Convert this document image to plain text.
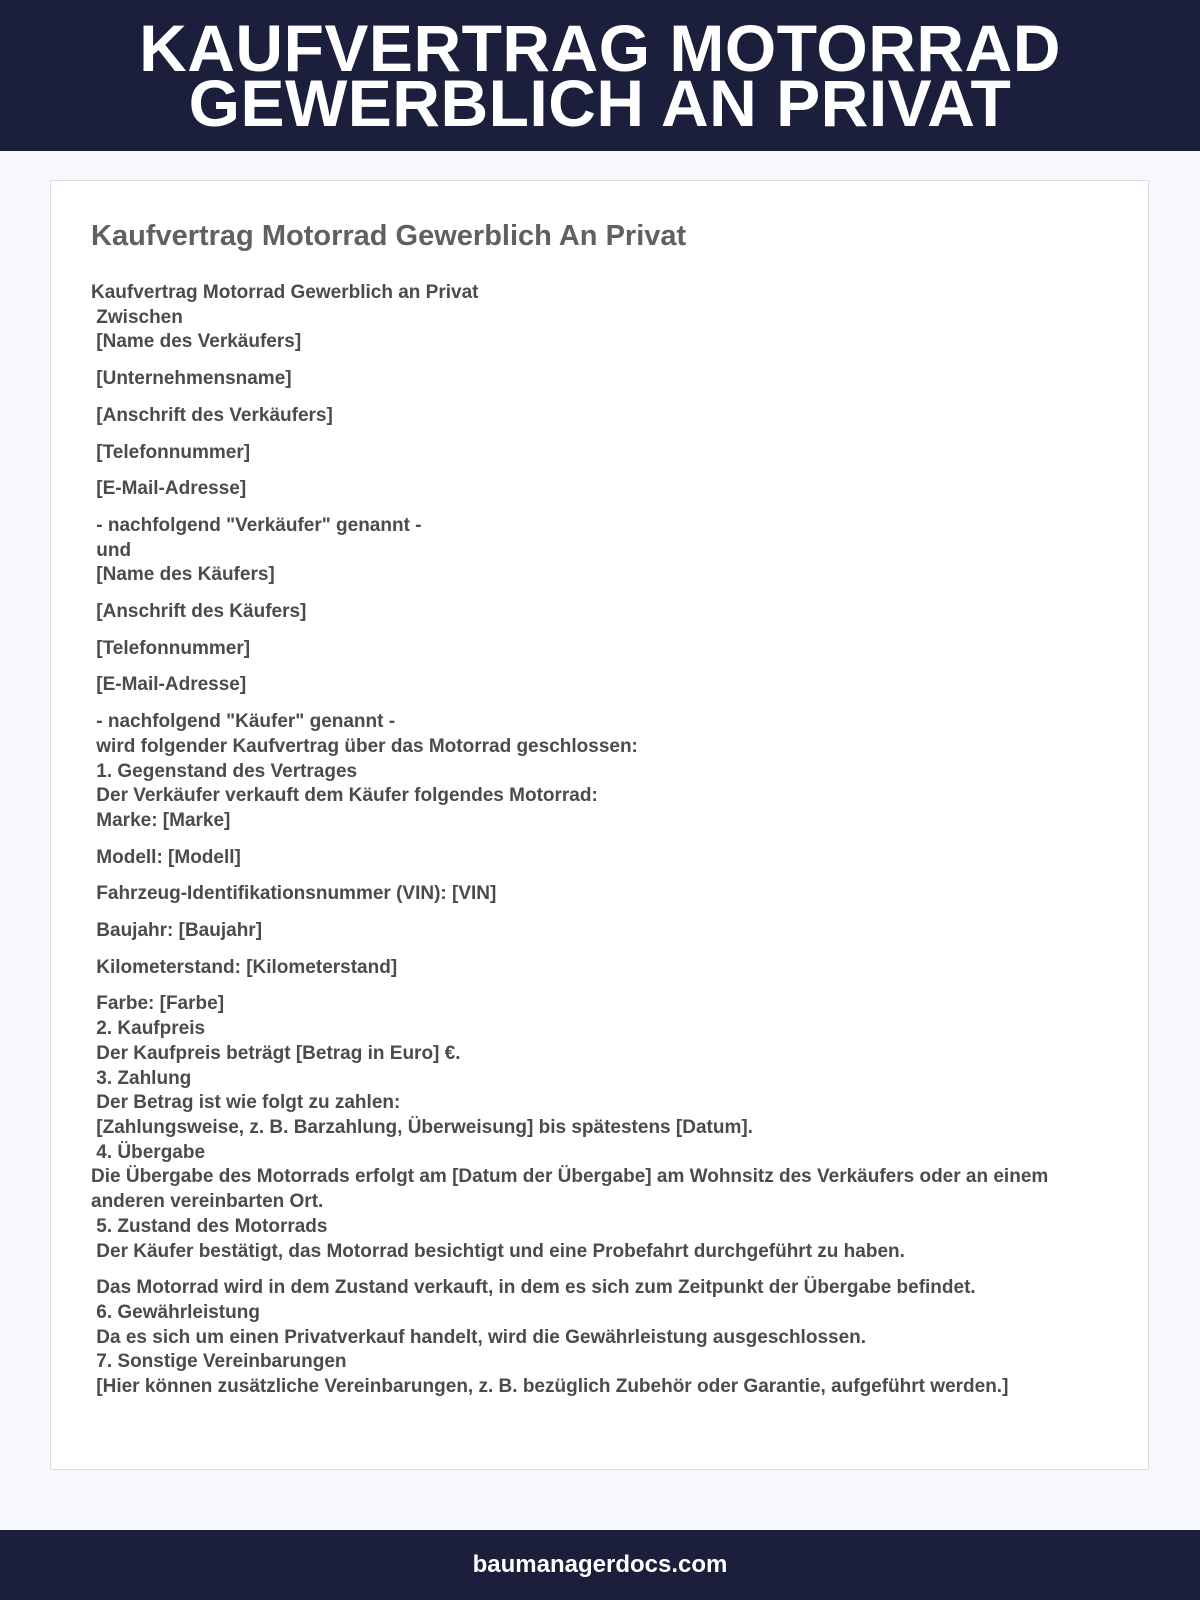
KAUFVERTRAG MOTORRAD
GEWERBLICH AN PRIVAT
Kaufvertrag Motorrad Gewerblich An Privat
Kaufvertrag Motorrad Gewerblich an Privat
Zwischen
[Name des Verkäufers]
[Unternehmensname]
[Anschrift des Verkäufers]
[Telefonnummer]
[E-Mail-Adresse]
- nachfolgend "Verkäufer" genannt -
und
[Name des Käufers]
[Anschrift des Käufers]
[Telefonnummer]
[E-Mail-Adresse]
- nachfolgend "Käufer" genannt -
wird folgender Kaufvertrag über das Motorrad geschlossen:
1. Gegenstand des Vertrages
Der Verkäufer verkauft dem Käufer folgendes Motorrad:
Marke: [Marke]
Modell: [Modell]
Fahrzeug-Identifikationsnummer (VIN): [VIN]
Baujahr: [Baujahr]
Kilometerstand: [Kilometerstand]
Farbe: [Farbe]
2. Kaufpreis
Der Kaufpreis beträgt [Betrag in Euro] €.
3. Zahlung
Der Betrag ist wie folgt zu zahlen:
[Zahlungsweise, z. B. Barzahlung, Überweisung] bis spätestens [Datum].
4. Übergabe
Die Übergabe des Motorrads erfolgt am [Datum der Übergabe] am Wohnsitz des Verkäufers oder an einem anderen vereinbarten Ort.
5. Zustand des Motorrads
Der Käufer bestätigt, das Motorrad besichtigt und eine Probefahrt durchgeführt zu haben.
Das Motorrad wird in dem Zustand verkauft, in dem es sich zum Zeitpunkt der Übergabe befindet.
6. Gewährleistung
Da es sich um einen Privatverkauf handelt, wird die Gewährleistung ausgeschlossen.
7. Sonstige Vereinbarungen
[Hier können zusätzliche Vereinbarungen, z. B. bezüglich Zubehör oder Garantie, aufgeführt werden.]
baumanagerdocs.com
